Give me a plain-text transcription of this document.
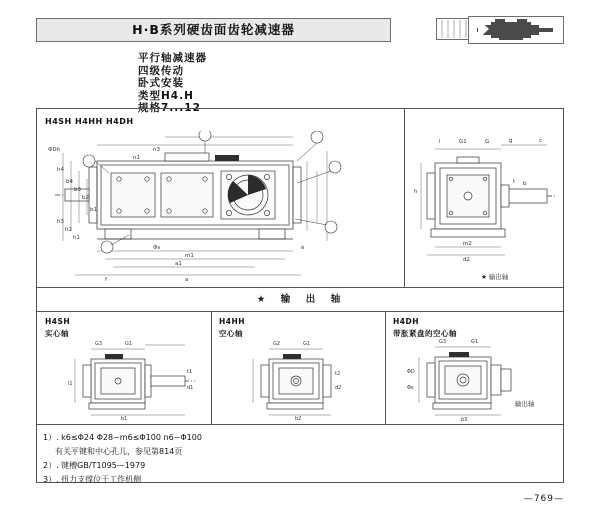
H·B系列硬齿面齿轮减速器
平行轴减速器
四级传动
卧式安装
类型H4.H
规格7...12
H4SH H4HH H4DH
ΦDh	n3
n1
h4
b4
b3
b2
b1
h3
h2
h1
Φs
m1
a1
a
e
f
l	G1	G	g	c
h
t b
m2
d2
★ 输出轴
★　输　出　轴
H4SH
实心轴
G3	G1
t1
d1
b1
l1
H4HH
空心轴
G2	G1
t2
d2
b2
H4DH
带胀紧盘的空心轴
G3	G1
ΦD
Φs
b3
输出轴
1）. k6≤Φ24 Φ28~m6≤Φ100 n6~Φ100
有关平键和中心孔儿，参见第814页
2）. 键槽GB/T1095—1979
3）. 扭力支撑位于工作机侧
—769—
